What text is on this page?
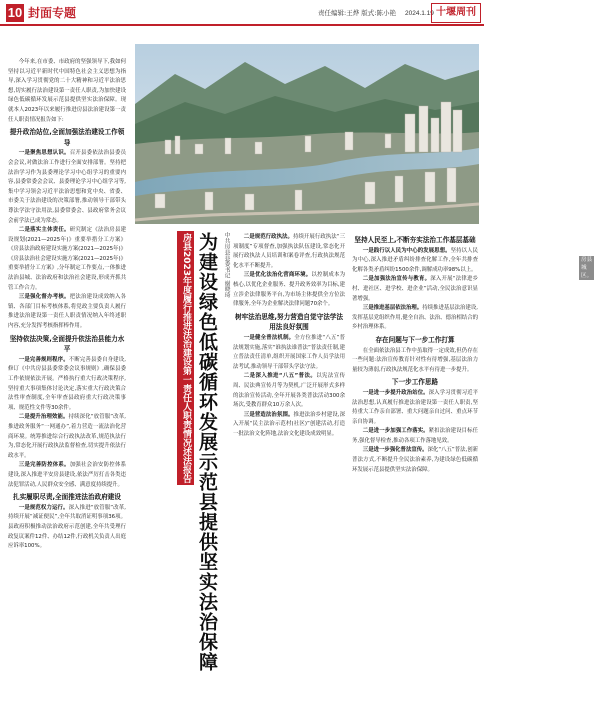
10 封面专题	责任编辑:王烨 版式:陈小艳 2024.1.19 十堰周刊
房县城区。
房县2023年度履行推进法治建设第一责任人职责情况述法报告 为建设绿色低碳循环发展示范县提供坚实法治保障 中共房县县委书记 谢晓琦

今年来,在市委、市政府的坚强领导下,我如何坚持以习近平新时代中国特色社会主义思想为指导,深入学习贯彻党的二十大精神和习近平法治思想,切实履行法治建设第一责任人职责,为加快建设绿色低碳循环发展示范县提供坚实法治保障。现就本人2023年以来履行推进房县法治建设第一责任人职责情况报告如下:

提升政治站位,全面加强法治建设工作领导

一是聚焦思想认识。召开县委依法治县委员会会议,对做法治工作进行全面安排部署。坚持把法治学习作为县委理论学习中心组学习的重要内容,县委常委会会议、县委理论学习中心组学习等,集中学习领会习近平法治思想和党中央、省委、市委关于法治建设的决策部署,推动领导干部带头尊法学法守法用法,县委常委会、县政府常务会议会前学法已成为常态。

二是落实主体责任。研究制定《法治房县建设规划(2021—2025年)》重要举措分工方案》《房县法治政府建设实施方案(2021—2025年)》《房县法治社会建设实施方案(2021—2025年)》重要举措分工方案》,分年制定工作要点,一体推进法治县城、法治政府和法治社会建设,形成齐抓共管工作合力。

三是强化督办考核。把法治建设成效纳入各镇、各部门目标考核体系,将党政主要负责人履行推进法治建设第一责任人职责情况纳入年终述职内容,充分发挥考核指挥棒作用。

坚持依法决策,全面提升依法治县能力水平

一是完善规则程序。不断完善县委自身建设,修订《中共房县县委常委会议事规则》,确保县委工作依规依法开展。严格执行重大行政决策程序,坚持重大事项集体讨论决定,落实重大行政决策合法性审查制度,全年审查县政府重大行政决策事项、规范性文件等30余件。

二是提升治理效能。持续深化“放管服”改革,推进政务服务“一网通办”,着力营造一流法治化营商环境。统筹推进综合行政执法改革,规范执法行为,常态化开展行政执法监督检查,切实提升依法行政水平。

三是完善防控体系。加强社会治安防控体系建设,深入推进平安房县建设,依法严厉打击各类违法犯罪活动,人民群众安全感、满意度持续提升。

扎实履职尽责,全面推进法治政府建设

一是规范权力运行。深入推进“放管服”改革,持续开展“减证便民”,全年共取消证明事项36项。县政府积极推动法治政府示范创建,全年共受理行政复议案件12件、办结12件,行政机关负责人出庭应诉率100%。

二是规范行政执法。持续开展行政执法“三项制度”专项督查,加强执法队伍建设,常态化开展行政执法人员培训和案卷评查,行政执法规范化水平不断提升。

三是优化法治化营商环境。以控制成本为核心,以优化企业服务、提升政务效率为目标,建立涉企法律服务平台,为市场主体提供全方位法律服务,全年为企业解决法律问题70余个。

树牢法治思维,努力营造自觉守法学法用法良好氛围

一是健全普法机制。全方位推进“八五”普法规划实施,落实“谁执法谁普法”普法责任制,建立普法责任清单,组织开展国家工作人员学法用法考试,推动领导干部带头学法守法。

二是深入推进“八五”普法。以宪法宣传周、民法典宣传月等为契机,广泛开展形式多样的法治宣传活动,全年开展各类普法活动300余场次,受教育群众10万余人次。

三是营造法治氛围。推进法治乡村建设,深入开展“民主法治示范村(社区)”创建活动,打造一批法治文化阵地,法治文化建设成效明显。

坚持人民至上,不断夯实法治工作基层基础

一是践行以人民为中心的发展思想。坚持以人民为中心,深入推进矛盾纠纷排查化解工作,全年共排查化解各类矛盾纠纷1500余件,调解成功率98%以上。

二是加强法治宣传与教育。深入开展“法律进乡村、进社区、进学校、进企业”活动,全民法治意识显著增强。

三是推进基层依法治理。持续推进基层法治建设,发挥基层党组织作用,健全自治、法治、德治相结合的乡村治理体系。

存在问题与下一步工作打算

在全面依法治县工作中虽取得一定成效,但仍存在一些问题:法治宣传教育针对性有待增强,基层法治力量较为薄弱,行政执法规范化水平有待进一步提升。

下一步工作思路

一是进一步提升政治站位。深入学习贯彻习近平法治思想,认真履行推进法治建设第一责任人职责,坚持重大工作亲自部署、重大问题亲自过问、重点环节亲自协调。

二是进一步加强工作落实。紧扣法治建设目标任务,强化督导检查,推动各项工作落地见效。

三是进一步强化普法宣传。深化“八五”普法,创新普法方式,不断提升全民法治素养,为建设绿色低碳循环发展示范县提供坚实法治保障。
